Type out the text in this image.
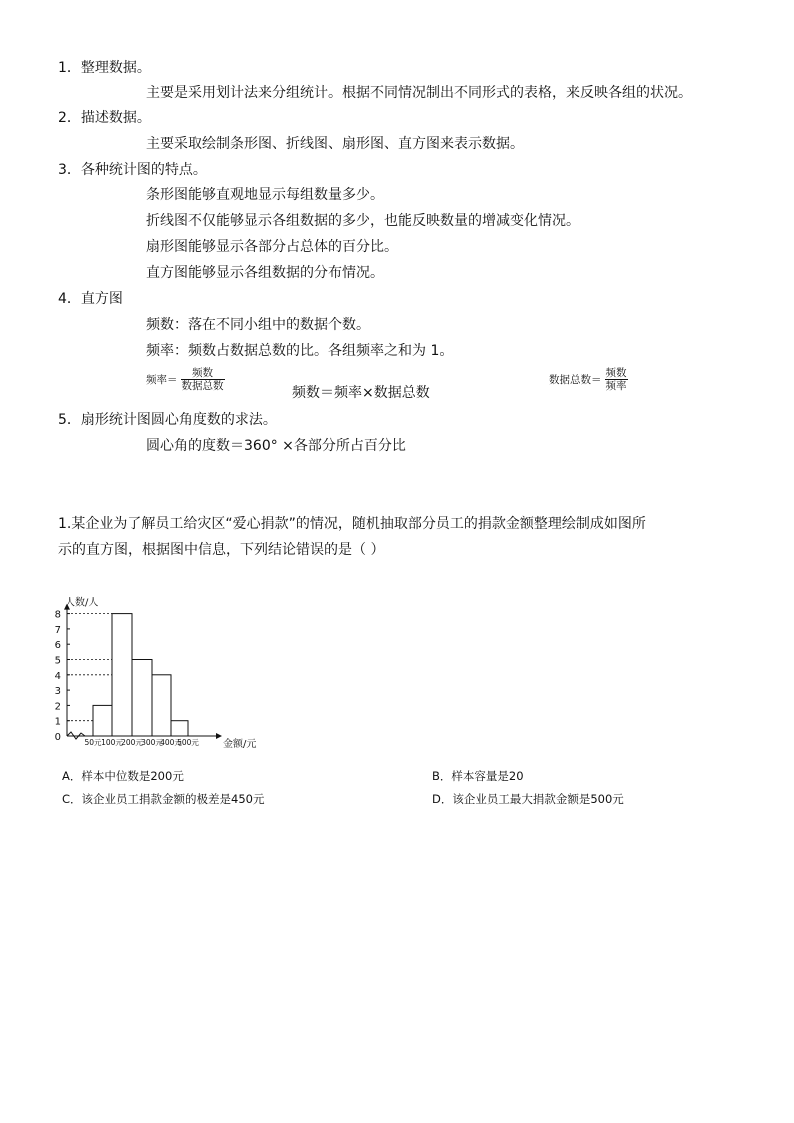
1．整理数据。
主要是采用划计法来分组统计。根据不同情况制出不同形式的表格，来反映各组的状况。
2．描述数据。
主要采取绘制条形图、折线图、扇形图、直方图来表示数据。
3．各种统计图的特点。
条形图能够直观地显示每组数量多少。
折线图不仅能够显示各组数据的多少，也能反映数量的增减变化情况。
扇形图能够显示各部分占总体的百分比。
直方图能够显示各组数据的分布情况。
4．直方图
频数：落在不同小组中的数据个数。
频率：频数占数据总数的比。各组频率之和为 1。
频率＝ $\frac{\text{频数}}{\text{数据总数}}$
频数＝频率×数据总数
数据总数＝ $\frac{\text{频数}}{\text{频率}}$
5．扇形统计图圆心角度数的求法。
圆心角的度数＝360° ×各部分所占百分比
1.某企业为了解员工给灾区“爱心捐款”的情况，随机抽取部分员工的捐款金额整理绘制成如图所
示的直方图，根据图中信息，下列结论错误的是（ ）
0
1
2
3
4
5
6
7
8
50元 100元
200元
300元
400元
500元
人数/人
金额/元
A．样本中位数是200元	B．样本容量是20
C．该企业员工捐款金额的极差是450元	D．该企业员工最大捐款金额是500元
